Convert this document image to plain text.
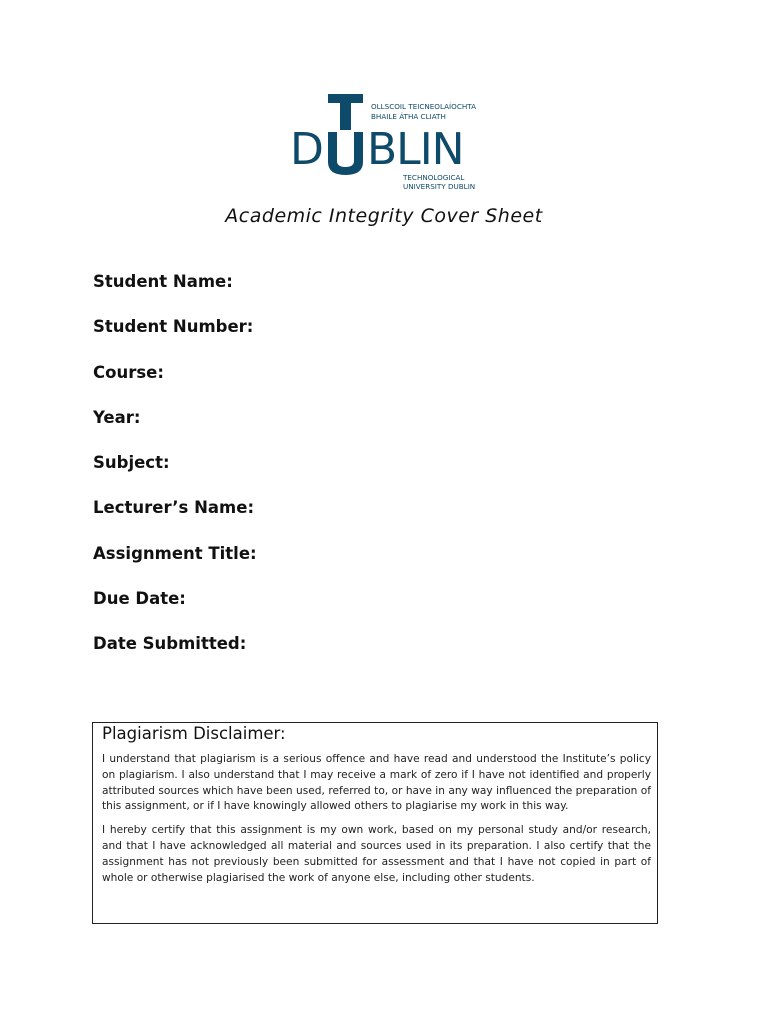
D BLIN
OLLSCOIL TEICNEOLAÍOCHTA
BHAILE ÁTHA CLIATH
TECHNOLOGICAL
UNIVERSITY DUBLIN
Academic Integrity Cover Sheet
Student Name:
Student Number:
Course:
Year:
Subject:
Lecturer’s Name:
Assignment Title:
Due Date:
Date Submitted:
Plagiarism Disclaimer:

I understand that plagiarism is a serious offence and have read and understood the Institute’s policy on plagiarism. I also understand that I may receive a mark of zero if I have not identified and properly attributed sources which have been used, referred to, or have in any way influenced the preparation of this assignment, or if I have knowingly allowed others to plagiarise my work in this way.

I hereby certify that this assignment is my own work, based on my personal study and/or research, and that I have acknowledged all material and sources used in its preparation. I also certify that the assignment has not previously been submitted for assessment and that I have not copied in part of whole or otherwise plagiarised the work of anyone else, including other students.
